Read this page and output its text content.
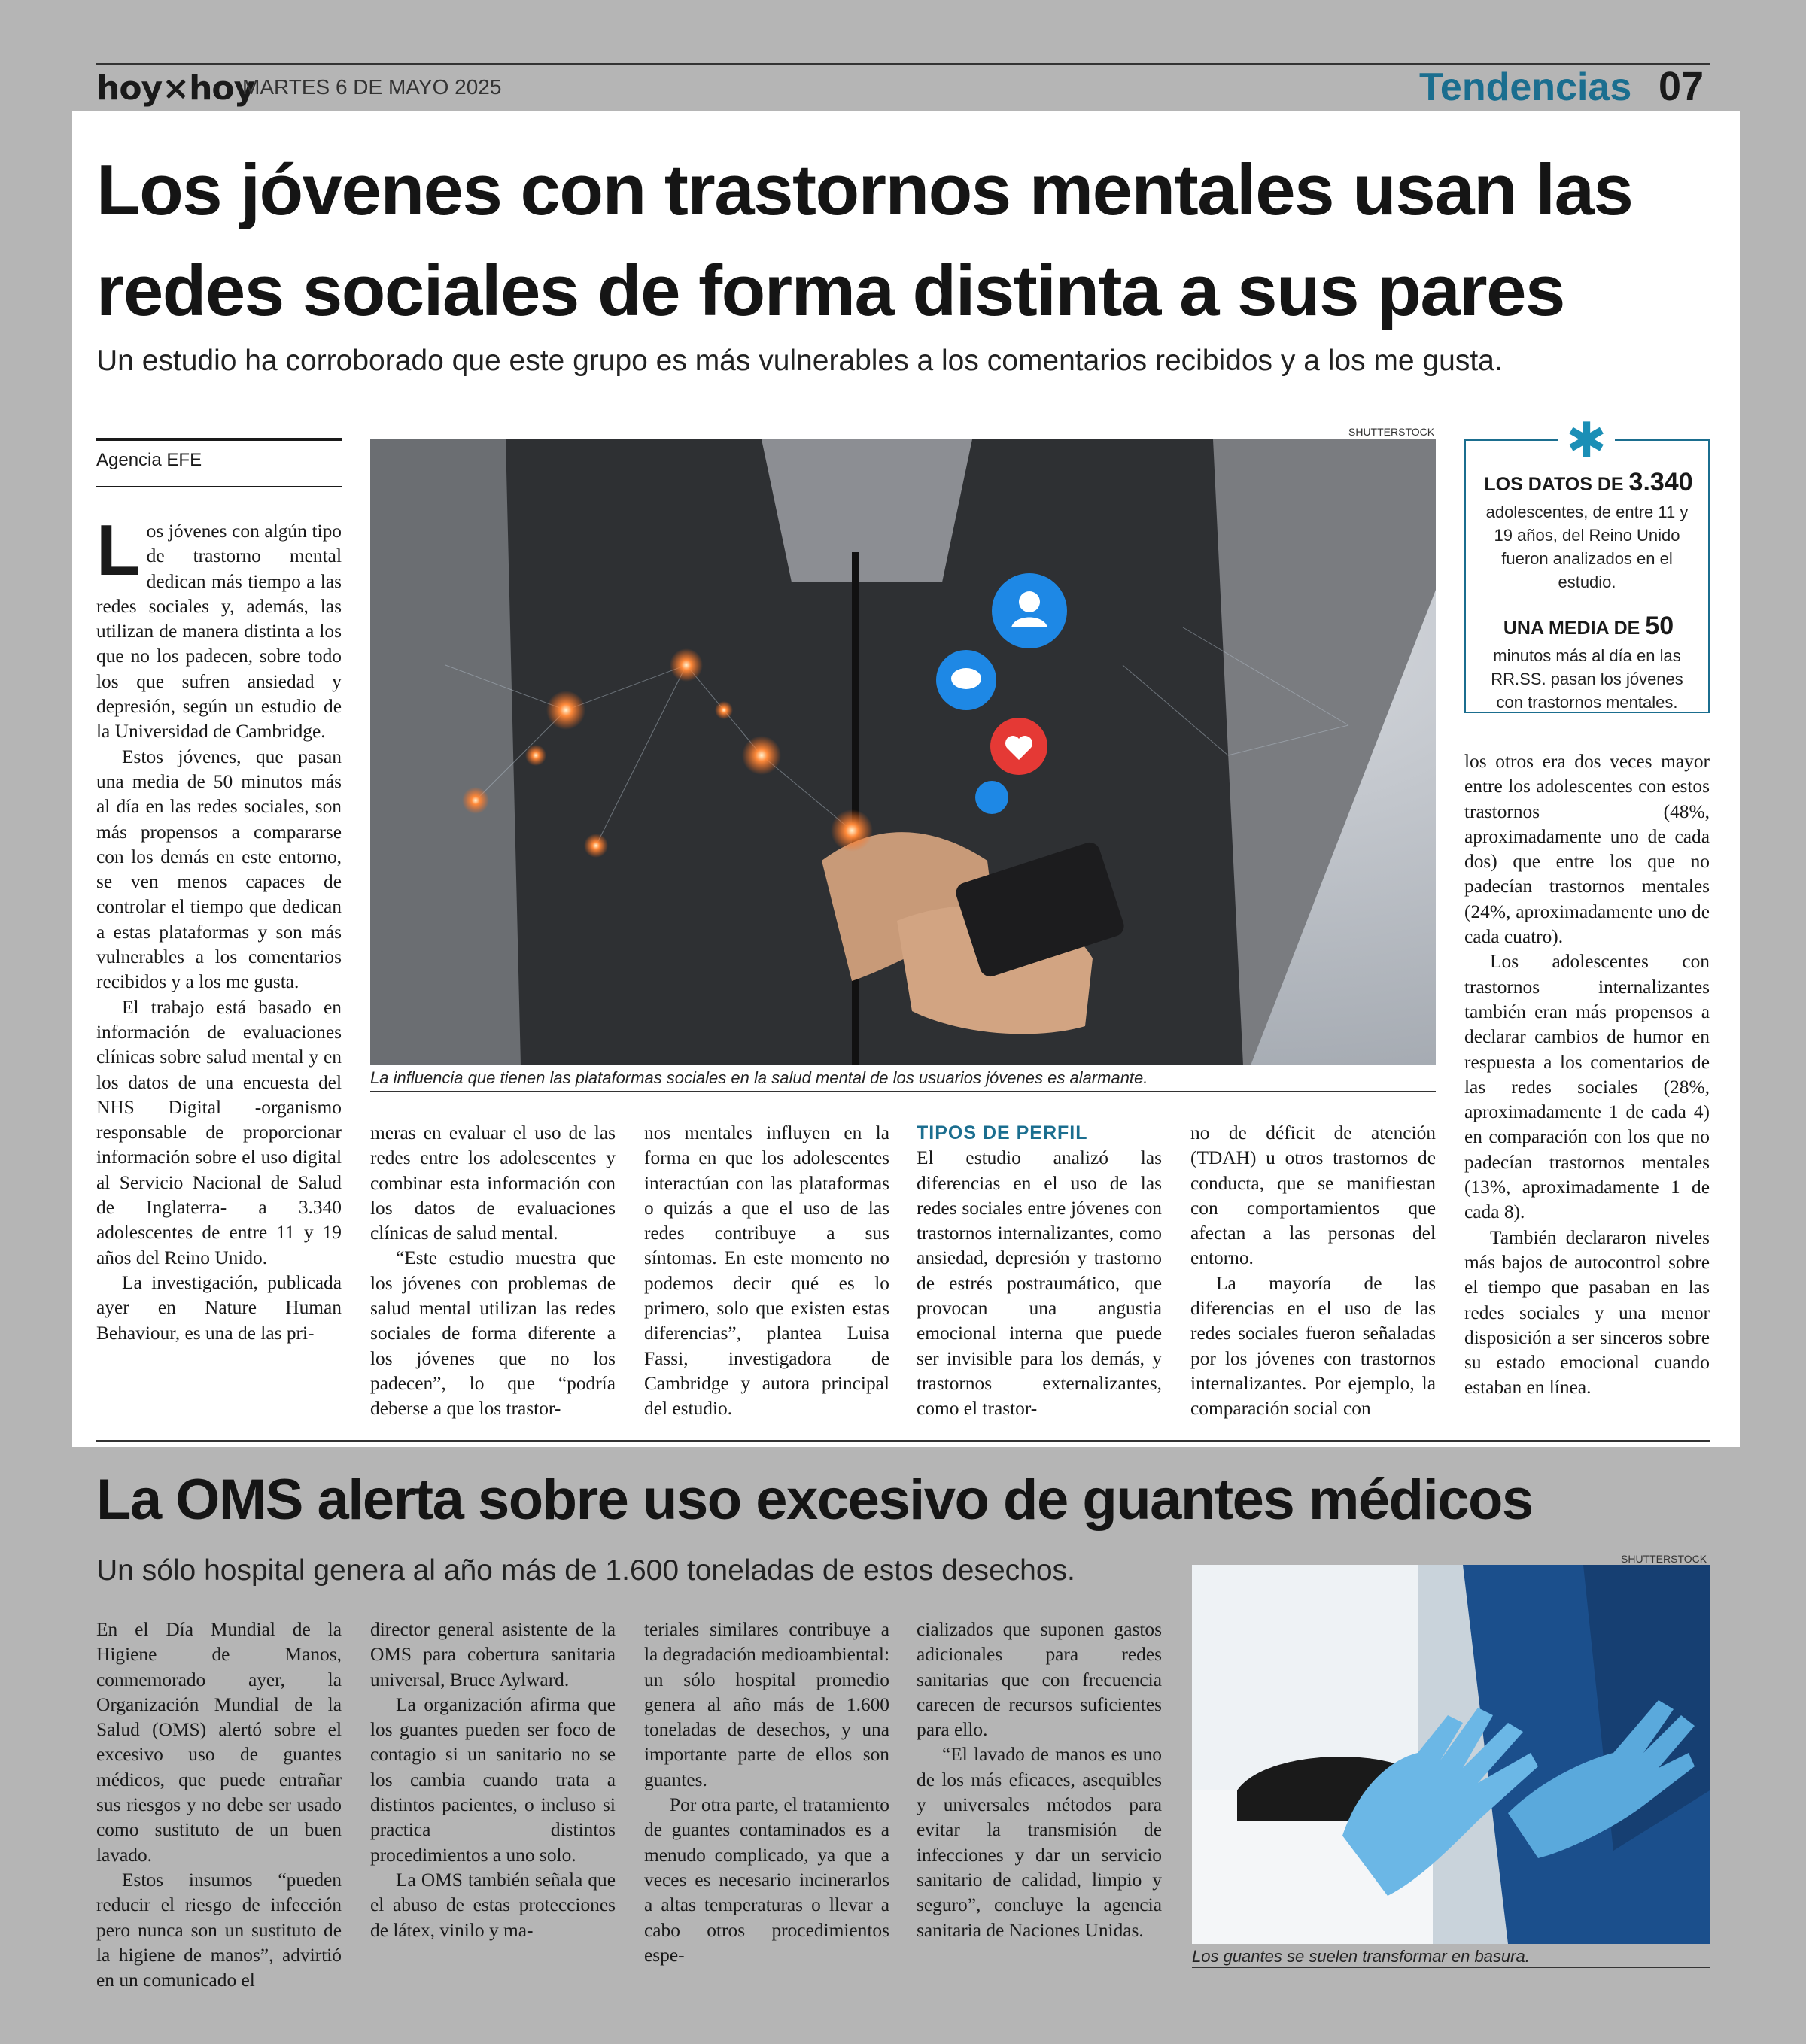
hoy×hoy
MARTES 6 DE MAYO 2025	Tendencias 07
Los jóvenes con trastornos mentales usan las redes sociales de forma distinta a sus pares
Un estudio ha corroborado que este grupo es más vulnerables a los comentarios recibidos y a los me gusta.
Agencia EFE

Los jóvenes con algún tipo de trastorno mental dedican más tiempo a las redes sociales y, además, las utilizan de manera distinta a los que no los padecen, sobre todo los que sufren ansiedad y depresión, según un estudio de la Universidad de Cambridge.

Estos jóvenes, que pasan una media de 50 minutos más al día en las redes sociales, son más propensos a compararse con los demás en este entorno, se ven menos capaces de controlar el tiempo que dedican a estas plataformas y son más vulnerables a los comentarios recibidos y a los me gusta.

El trabajo está basado en información de evaluaciones clínicas sobre salud mental y en los datos de una encuesta del NHS Digital -organismo responsable de proporcionar información sobre el uso digital al Servicio Nacional de Salud de Inglaterra- a 3.340 adolescentes de entre 11 y 19 años del Reino Unido.

La investigación, publicada ayer en Nature Human Behaviour, es una de las pri-

SHUTTERSTOCK
La influencia que tienen las plataformas sociales en la salud mental de los usuarios jóvenes es alarmante.
LOS DATOS DE 3.340
adolescentes, de entre 11 y 19 años, del Reino Unido fueron analizados en el estudio.
UNA MEDIA DE 50
minutos más al día en las RR.SS. pasan los jóvenes con trastornos mentales.
✱

meras en evaluar el uso de las redes entre los adolescentes y combinar esta información con los datos de evaluaciones clínicas de salud mental.

“Este estudio muestra que los jóvenes con problemas de salud mental utilizan las redes sociales de forma diferente a los jóvenes que no los padecen”, lo que “podría deberse a que los trastor-

nos mentales influyen en la forma en que los adolescentes interactúan con las plataformas o quizás a que el uso de las redes contribuye a sus síntomas. En este momento no podemos decir qué es lo primero, solo que existen estas diferencias”, plantea Luisa Fassi, investigadora de Cambridge y autora principal del estudio.

TIPOS DE PERFIL

El estudio analizó las diferencias en el uso de las redes sociales entre jóvenes con trastornos internalizantes, como ansiedad, depresión y trastorno de estrés postraumático, que provocan una angustia emocional interna que puede ser invisible para los demás, y trastornos externalizantes, como el trastor-

no de déficit de atención (TDAH) u otros trastornos de conducta, que se manifiestan con comportamientos que afectan a las personas del entorno.

La mayoría de las diferencias en el uso de las redes sociales fueron señaladas por los jóvenes con trastornos internalizantes. Por ejemplo, la comparación social con

los otros era dos veces mayor entre los adolescentes con estos trastornos (48%, aproximadamente uno de cada dos) que entre los que no padecían trastornos mentales (24%, aproximadamente uno de cada cuatro).

Los adolescentes con trastornos internalizantes también eran más propensos a declarar cambios de humor en respuesta a los comentarios de las redes sociales (28%, aproximadamente 1 de cada 4) en comparación con los que no padecían trastornos mentales (13%, aproximadamente 1 de cada 8).

También declararon niveles más bajos de autocontrol sobre el tiempo que pasaban en las redes sociales y una menor disposición a ser sinceros sobre su estado emocional cuando estaban en línea.

La OMS alerta sobre uso excesivo de guantes médicos
Un sólo hospital genera al año más de 1.600 toneladas de estos desechos.

En el Día Mundial de la Higiene de Manos, conmemorado ayer, la Organización Mundial de la Salud (OMS) alertó sobre el excesivo uso de guantes médicos, que puede entrañar sus riesgos y no debe ser usado como sustituto de un buen lavado.

Estos insumos “pueden reducir el riesgo de infección pero nunca son un sustituto de la higiene de manos”, advirtió en un comunicado el

director general asistente de la OMS para cobertura sanitaria universal, Bruce Aylward.

La organización afirma que los guantes pueden ser foco de contagio si un sanitario no se los cambia cuando trata a distintos pacientes, o incluso si practica distintos procedimientos a uno solo.

La OMS también señala que el abuso de estas protecciones de látex, vinilo y ma-

teriales similares contribuye a la degradación medioambiental: un sólo hospital promedio genera al año más de 1.600 toneladas de desechos, y una importante parte de ellos son guantes.

Por otra parte, el tratamiento de guantes contaminados es a menudo complicado, ya que a veces es necesario incinerarlos a altas temperaturas o llevar a cabo otros procedimientos espe-

cializados que suponen gastos adicionales para redes sanitarias que con frecuencia carecen de recursos suficientes para ello.

“El lavado de manos es uno de los más eficaces, asequibles y universales métodos para evitar la transmisión de infecciones y dar un servicio sanitario de calidad, limpio y seguro”, concluye la agencia sanitaria de Naciones Unidas.

SHUTTERSTOCK
Los guantes se suelen transformar en basura.
